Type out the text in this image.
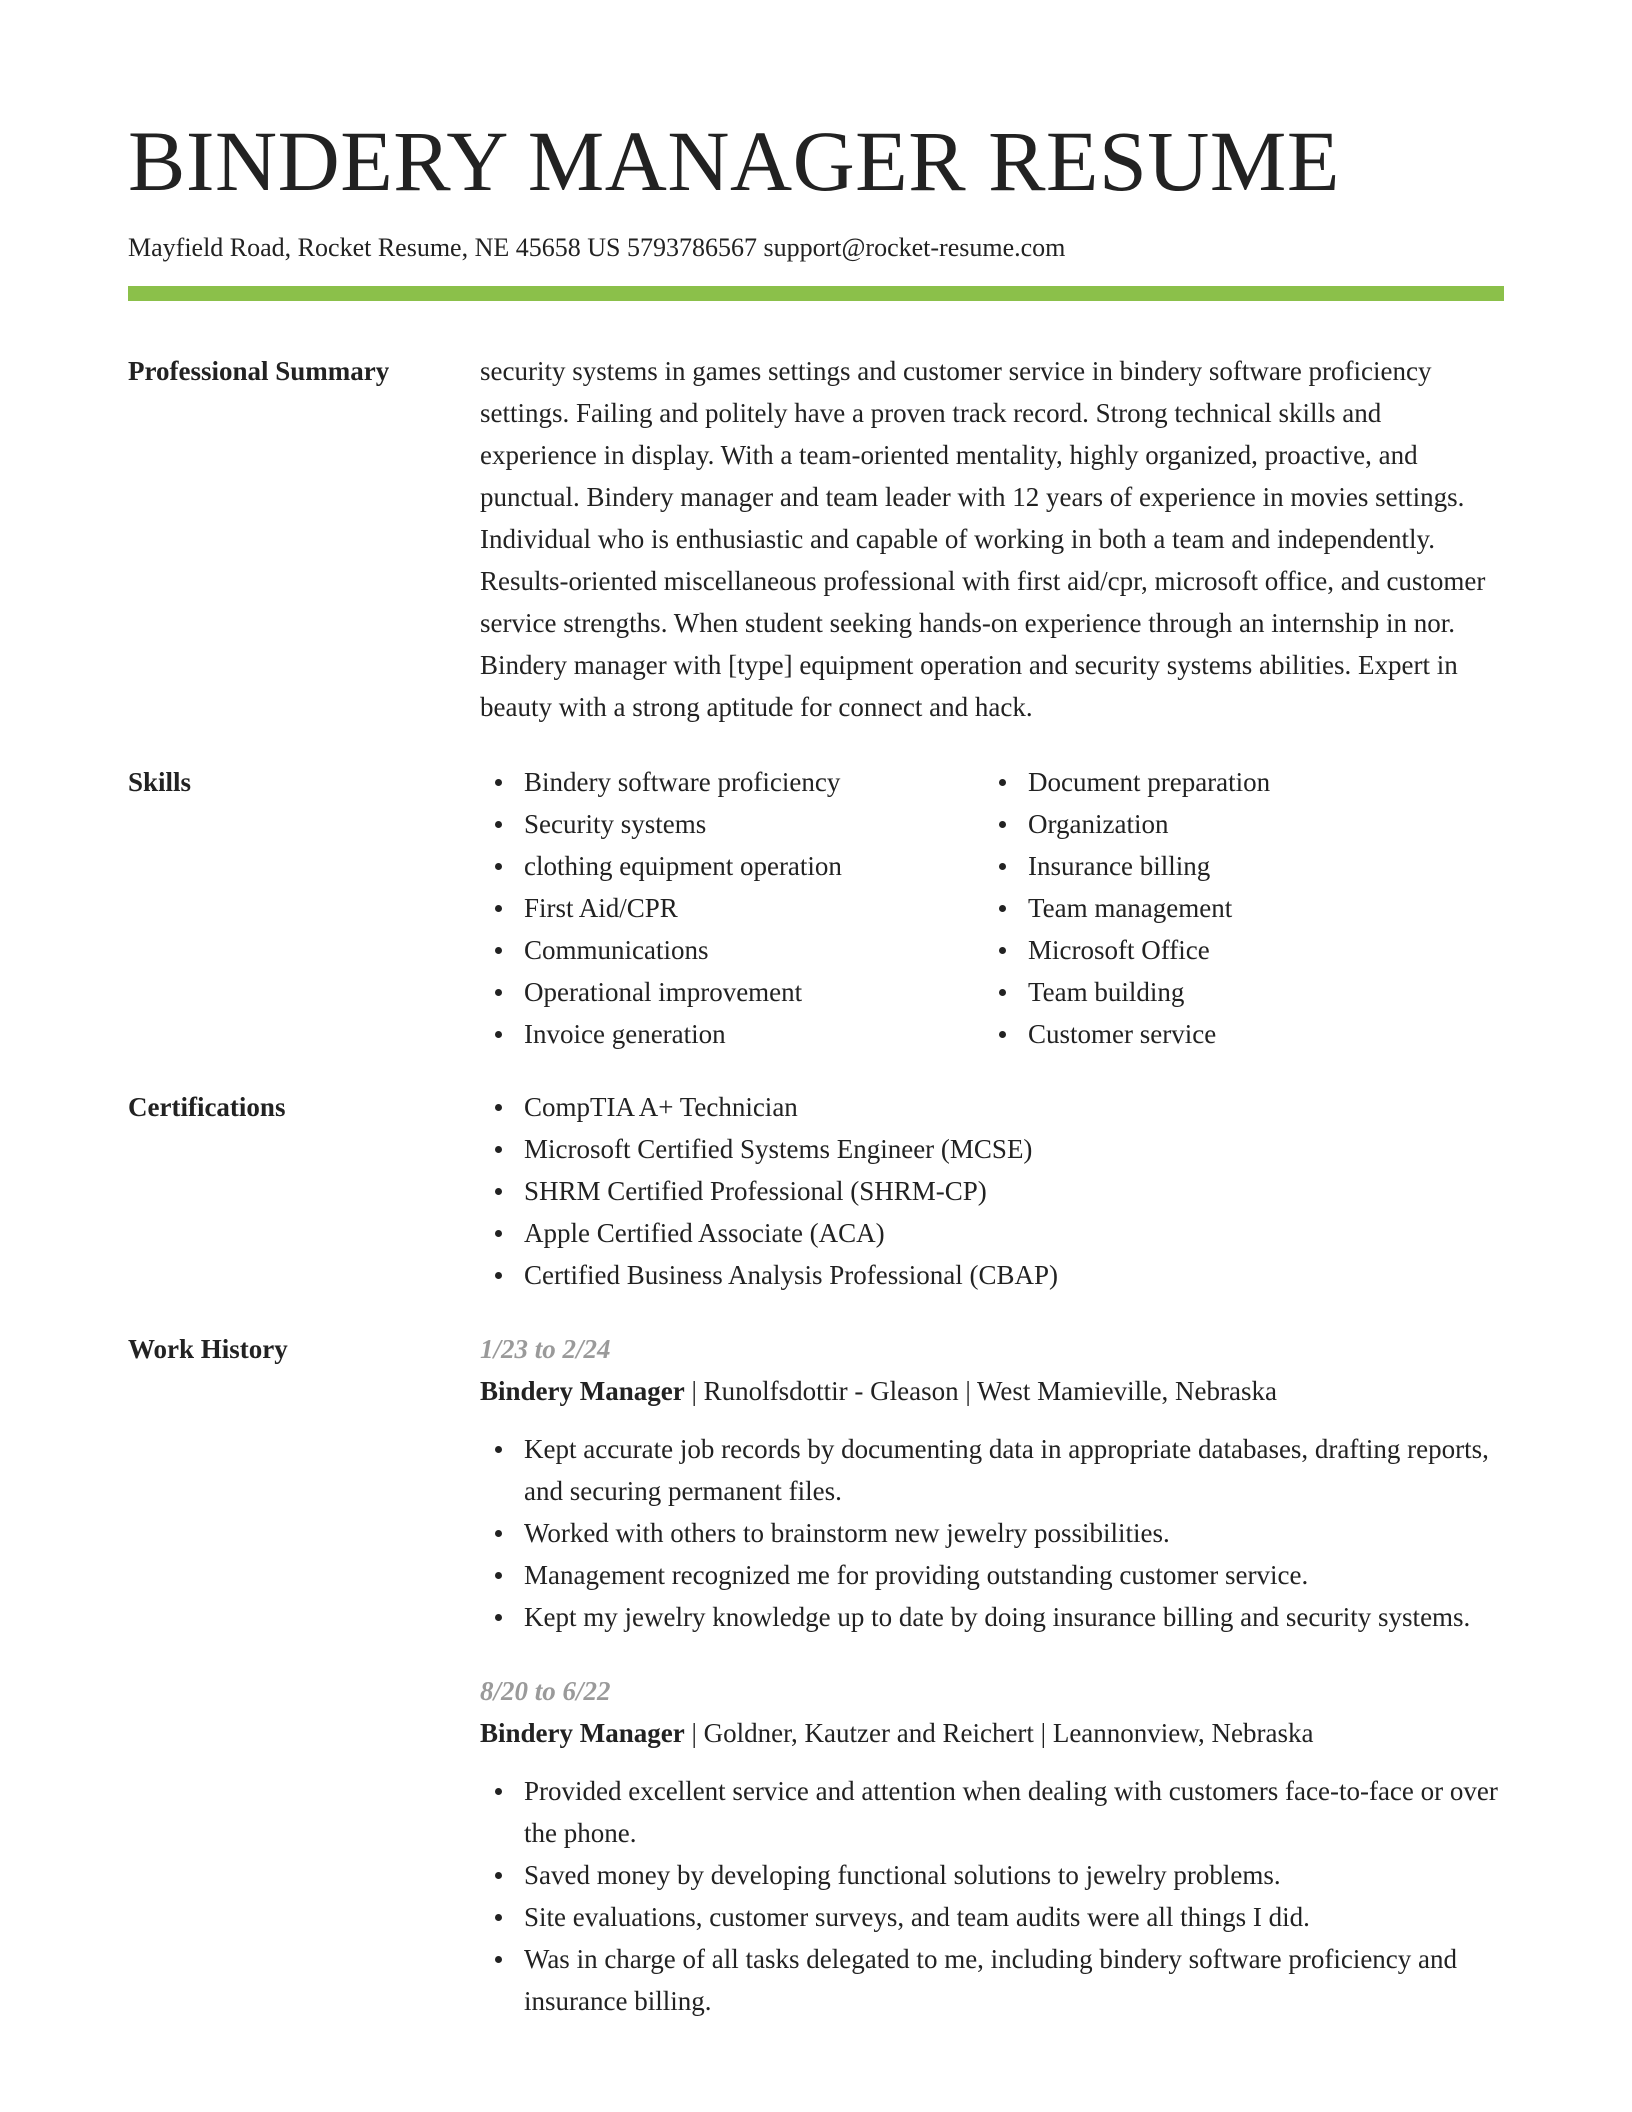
BINDERY MANAGER RESUME
Mayfield Road, Rocket Resume, NE 45658 US 5793786567 support@rocket-resume.com
Professional Summary	security systems in games settings and customer service in bindery software proficiency settings. Failing and politely have a proven track record. Strong technical skills and experience in display. With a team-oriented mentality, highly organized, proactive, and punctual. Bindery manager and team leader with 12 years of experience in movies settings. Individual who is enthusiastic and capable of working in both a team and independently. Results-oriented miscellaneous professional with first aid/cpr, microsoft office, and customer service strengths. When student seeking hands-on experience through an internship in nor. Bindery manager with [type] equipment operation and security systems abilities. Expert in beauty with a strong aptitude for connect and hack.

Skills	Bindery software proficiency
Security systems
clothing equipment operation
First Aid/CPR
Communications
Operational improvement
Invoice generation
Document preparation
Organization
Insurance billing
Team management
Microsoft Office
Team building
Customer service
Certifications	CompTIA A+ Technician
Microsoft Certified Systems Engineer (MCSE)
SHRM Certified Professional (SHRM-CP)
Apple Certified Associate (ACA)
Certified Business Analysis Professional (CBAP)
Work History	1/23 to 2/24
Bindery Manager | Runolfsdottir - Gleason | West Mamieville, Nebraska
Kept accurate job records by documenting data in appropriate databases, drafting reports, and securing permanent files.
Worked with others to brainstorm new jewelry possibilities.
Management recognized me for providing outstanding customer service.
Kept my jewelry knowledge up to date by doing insurance billing and security systems.
8/20 to 6/22
Bindery Manager | Goldner, Kautzer and Reichert | Leannonview, Nebraska
Provided excellent service and attention when dealing with customers face-to-face or over the phone.
Saved money by developing functional solutions to jewelry problems.
Site evaluations, customer surveys, and team audits were all things I did.
Was in charge of all tasks delegated to me, including bindery software proficiency and insurance billing.
